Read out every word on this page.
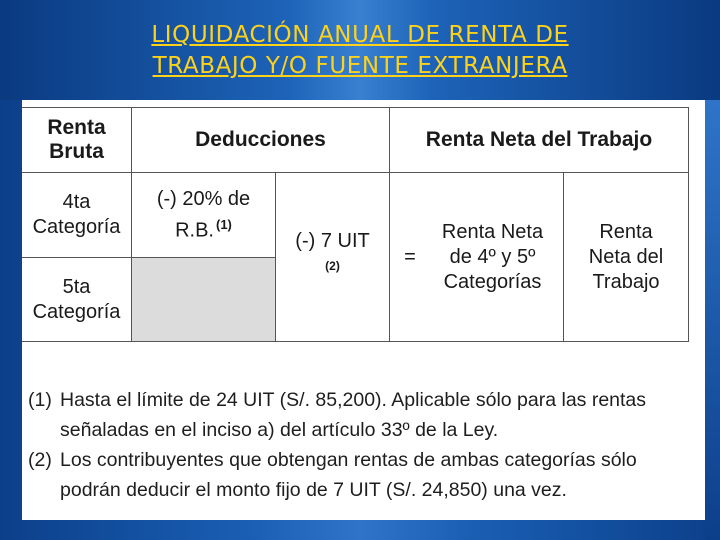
LIQUIDACIÓN ANUAL DE RENTA DE
TRABAJO Y/O FUENTE EXTRANJERA
Renta
Bruta
Deducciones	Renta Neta del Trabajo
4ta
Categoría
(-) 20% de
R.B. $^{(1)}$
5ta
Categoría
(-) 7 UIT
(2)	=
Renta Neta
de 4º y 5º
Categorías
Renta
Neta del
Trabajo
(1) Hasta el límite de 24 UIT (S/. 85,200). Aplicable sólo para las rentas
señaladas en el inciso a) del artículo 33º de la Ley.
(2) Los contribuyentes que obtengan rentas de ambas categorías sólo
podrán deducir el monto fijo de 7 UIT (S/. 24,850) una vez.
